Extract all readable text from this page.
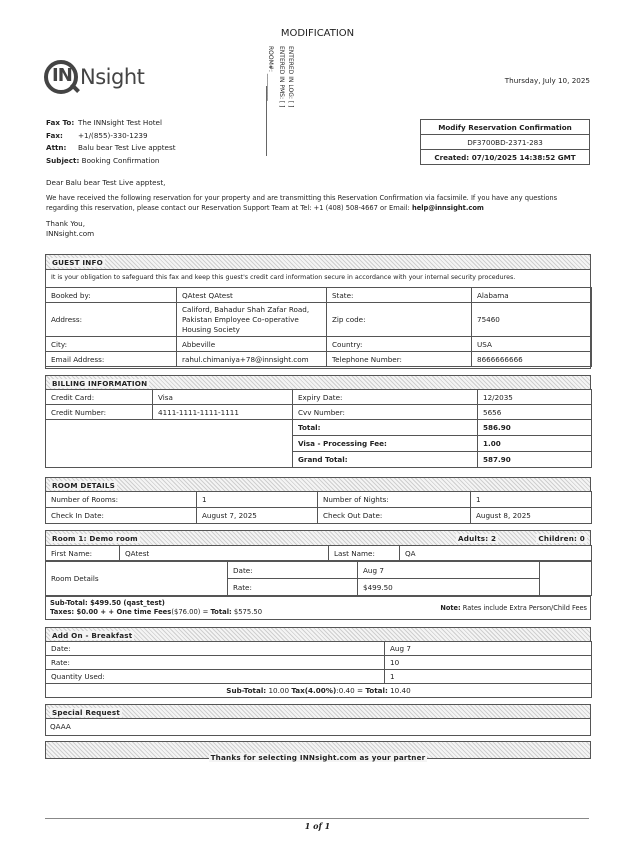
MODIFICATION
ENTERED IN LOG: [ ]
ENTERED IN PMS: [ ]
ROOM#: _________
IN Nsight	Thursday, July 10, 2025
Fax To: The INNsight Test Hotel
Fax: +1/(855)-330-1239
Attn: Balu bear Test Live apptest
Subject: Booking Confirmation
Modify Reservation Confirmation
DF3700BD-2371-283
Created: 07/10/2025 14:38:52 GMT
Dear Balu bear Test Live apptest,
We have received the following reservation for your property and are transmitting this Reservation Confirmation via facsimile. If you have any questions
regarding this reservation, please contact our Reservation Support Team at Tel: +1 (408) 508-4667 or Email: help@innsight.com
Thank You,
INNsight.com
GUEST INFO
It is your obligation to safeguard this fax and keep this guest's credit card information secure in accordance with your internal security procedures.
Booked by:	QAtest QAtest	State:	Alabama
Address:	Califord, Bahadur Shah Zafar Road, Pakistan Employee Co-operative Housing Society	Zip code:	75460
City:	Abbeville	Country:	USA
Email Address:	rahul.chimaniya+78@innsight.com	Telephone Number:	8666666666
BILLING INFORMATION
Credit Card:	Visa	Expiry Date:	12/2035
Credit Number:	4111-1111-1111-1111	Cvv Number:	5656
		Total:	586.90
		Visa - Processing Fee:	1.00
		Grand Total:	587.90
ROOM DETAILS
Number of Rooms:	1	Number of Nights:	1
Check In Date:	August 7, 2025	Check Out Date:	August 8, 2025
Room 1: Demo room	Adults: 2	Children: 0
First Name:	QAtest	Last Name:	QA
Room Details	Date:	Aug 7	
	Rate:	$499.50	
Sub-Total: $499.50 (qast_test)
Taxes: $0.00 + + One time Fees($76.00) = Total: $575.50	Note: Rates include Extra Person/Child Fees
Add On - Breakfast
Date:	Aug 7
Rate:	10
Quantity Used:	1
Sub-Total: 10.00 Tax(4.00%):0.40 = Total: 10.40	
Special Request
QAAA
Thanks for selecting INNsight.com as your partner
1 of 1
